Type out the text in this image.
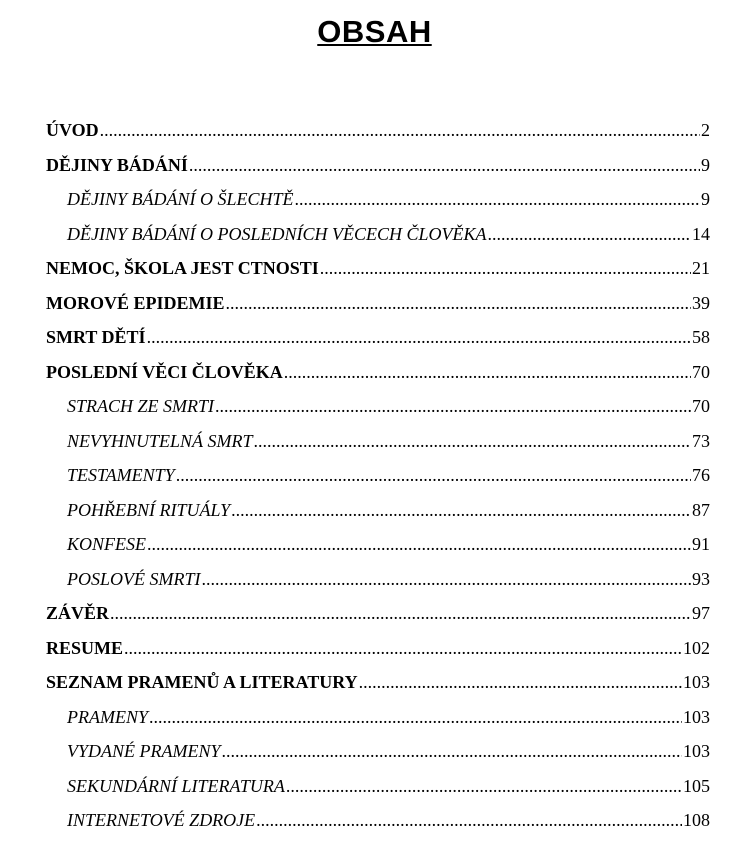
OBSAH
ÚVOD .....	2
DĚJINY BÁDÁNÍ .....	9
DĚJINY BÁDÁNÍ O ŠLECHTĚ .....	9
DĚJINY BÁDÁNÍ O POSLEDNÍCH VĚCECH ČLOVĚKA .....	14
NEMOC, ŠKOLA JEST CTNOSTI .....	21
MOROVÉ EPIDEMIE .....	39
SMRT DĚTÍ .....	58
POSLEDNÍ VĚCI ČLOVĚKA .....	70
STRACH ZE SMRTI .....	70
NEVYHNUTELNÁ SMRT .....	73
TESTAMENTY .....	76
POHŘEBNÍ RITUÁLY .....	87
KONFESE .....	91
POSLOVÉ SMRTI .....	93
ZÁVĚR .....	97
RESUME .....	102
SEZNAM PRAMENŮ A LITERATURY .....	103
PRAMENY .....	103
VYDANÉ PRAMENY .....	103
SEKUNDÁRNÍ LITERATURA .....	105
INTERNETOVÉ ZDROJE .....	108
